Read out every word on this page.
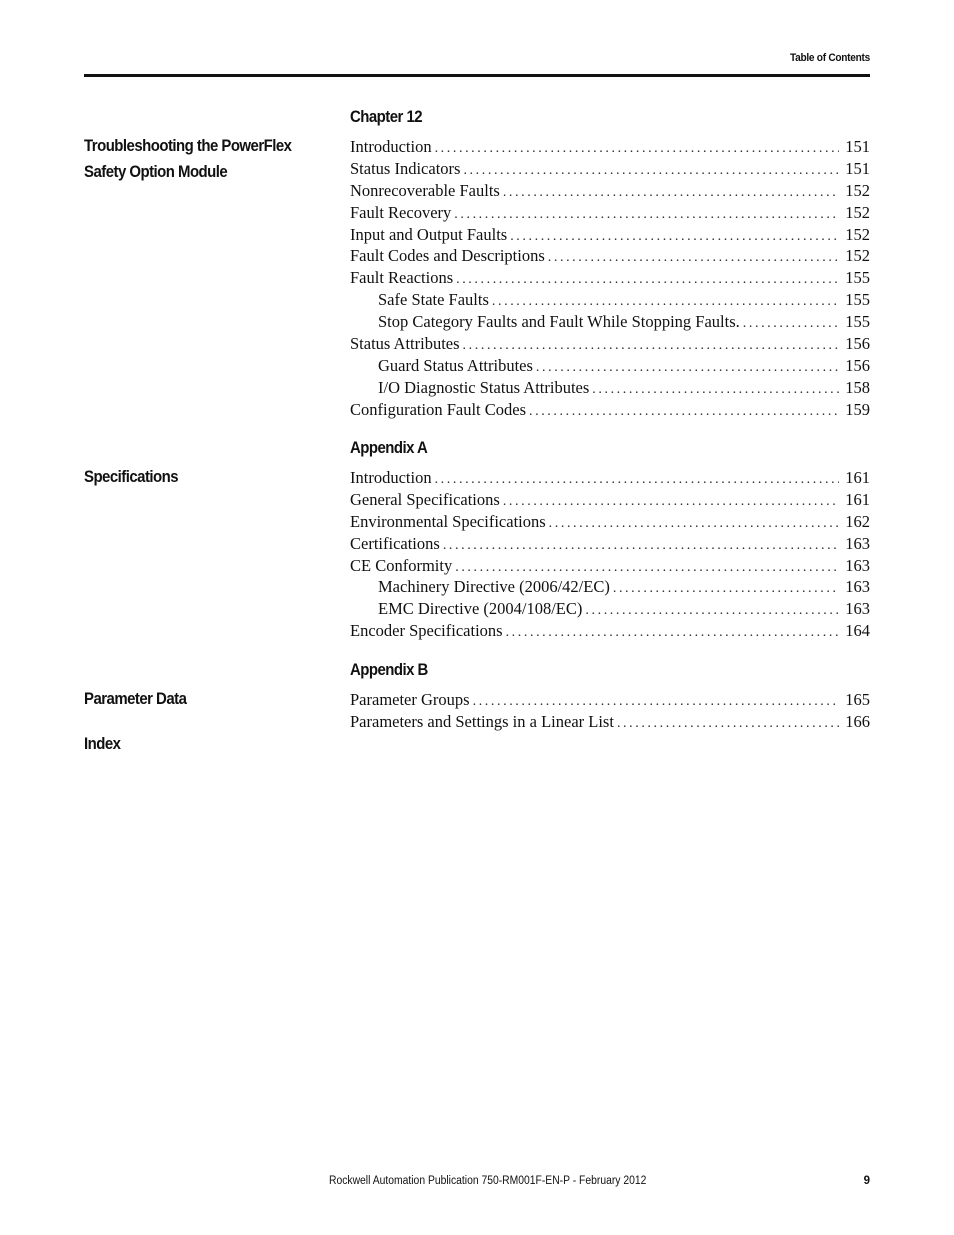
Table of Contents
Chapter 12
Troubleshooting the PowerFlex Safety Option Module
Introduction .....	151
Status Indicators .....	151
Nonrecoverable Faults .....	152
Fault Recovery .....	152
Input and Output Faults .....	152
Fault Codes and Descriptions .....	152
Fault Reactions .....	155
Safe State Faults .....	155
Stop Category Faults and Fault While Stopping Faults. .....	155
Status Attributes .....	156
Guard Status Attributes .....	156
I/O Diagnostic Status Attributes .....	158
Configuration Fault Codes .....	159
Appendix A
Specifications	Introduction .....	161
General Specifications .....	161
Environmental Specifications .....	162
Certifications .....	163
CE Conformity .....	163
Machinery Directive (2006/42/EC) .....	163
EMC Directive (2004/108/EC) .....	163
Encoder Specifications .....	164
Appendix B
Parameter Data	Parameter Groups .....	165
Parameters and Settings in a Linear List .....	166
Index
Rockwell Automation Publication 750-RM001F-EN-P - February 2012	9
